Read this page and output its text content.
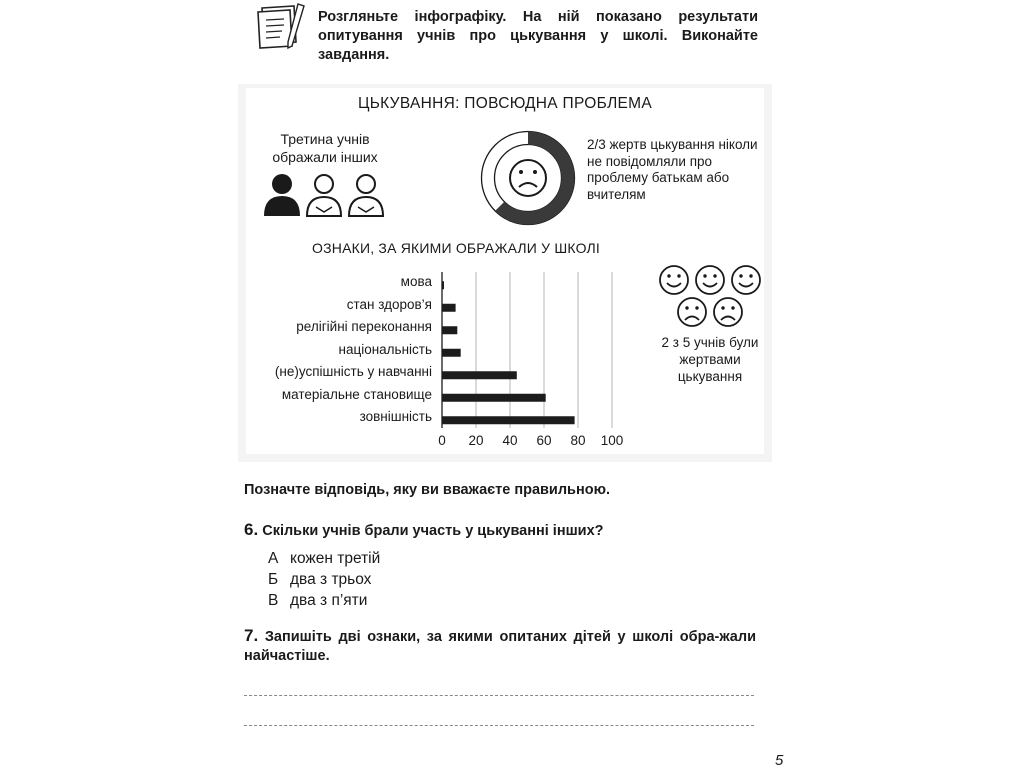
Розгляньте інфографіку. На ній показано результати опитування учнів про цькування у школі. Виконайте завдання.
ЦЬКУВАННЯ: ПОВСЮДНА ПРОБЛЕМА
Третина учнів ображали інших
2/3 жертв цькування ніколи не повідомляли про проблему батькам або вчителям
ОЗНАКИ, ЗА ЯКИМИ ОБРАЖАЛИ У ШКОЛІ
мова
стан здоров’я
релігійні переконання
національність
(не)успішність у навчанні
матеріальне становище
зовнішність
0	20	40	60	80	100
2 з 5 учнів були жертвами цькування
Позначте відповідь, яку ви вважаєте правильною.
6. Скільки учнів брали участь у цькуванні інших?
А кожен третій
Б два з трьох
В два з п’яти
7. Запишіть дві ознаки, за якими опитаних дітей у школі обра-жали найчастіше.
5
